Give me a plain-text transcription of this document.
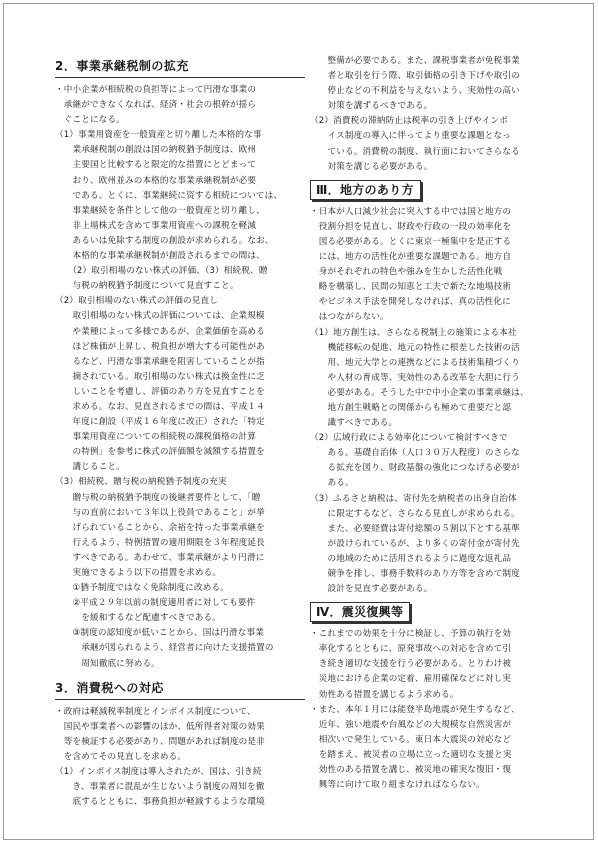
2．事業承継税制の拡充

・中小企業が相続税の負担等によって円滑な事業の

　承継ができなくなれば、経済・社会の根幹が揺ら

　ぐことになる。

（1）事業用資産を一般資産と切り離した本格的な事

　　業承継税制の創設は国の納税猶予制度は、欧州

　　主要国と比較すると限定的な措置にとどまって

　　おり、欧州並みの本格的な事業承継税制が必要

　　である。とくに、事業継続に资する相続については、

　　事業継続を条件として他の一般資産と切り離し、

　　非上場株式を含めて事業用資産への課税を軽減

　　あるいは免除する制度の創設が求められる。なお、

　　本格的な事業承継税制が創設されるまでの間は、

　　（2）取引相場のない株式の評価、（3）相続税、贈

　　与税の納税猶予制度について見直すこと。

（2）取引相場のない株式の評価の見直し

　　取引相場のない株式の評価については、企業規模

　　や業種によって多様であるが、企業価値を高める

　　ほど株価が上昇し、税負担が増大する可能性があ

　　るなど、円滑な事業承継を阻害していることが指

　　摘されている。取引相場のない株式は換金性に乏

　　しいことを考慮し、評価のあり方を見直すことを

　　求める。なお、見直されるまでの間は、平成１４

　　年度に創設（平成１６年度に改正）された「特定

　　事業用資産についての相続税の課税価格の計算

　　の特例」を参考に株式の評価額を減額する措置を

　　講じること。

（3）相続税、贈与税の納税猶予制度の充実

　　贈与税の納税猶予制度の後継者要件として、「贈

　　与の直前において３年以上役員であること」が挙

　　げられていることから、余裕を持った事業承継を

　　行えるよう、特例措置の適用期限を３年程度延長

　　すべきである。あわせて、事業承継がより円滑に

　　実施できるよう以下の措置を求める。

　　①猶予制度ではなく免除制度に改める。

　　②平成２９年以前の制度適用者に対しても要件

　　　を緩和するなど配慮すべきである。

　　③制度の認知度が低いことから、国は円滑な事業

　　　承継が図られるよう、経営者に向けた支援措置の

　　　周知徹底に努める。

3．消費税への対応

・政府は軽減税率制度とインボイス制度について、

　国民や事業者への影響のほか、低所得者対策の効果

　等を検証する必要があり、問題があれば制度の是非

　を含めてその見直しを求める。

（1）インボイス制度は導入されたが、国は、引き続

　　き、事業者に混乱が生じないよう制度の周知を徹

　　底するとともに、事務負担が軽減するような環境

　　整備が必要である。また、課税事業者が免税事業

　　者と取引を行う際、取引価格の引き下げや取引の

　　停止などの不利益を与えないよう、実効性の高い

　　対策を講ずるべきである。

（2）消費税の滞納防止は税率の引き上げやインボ

　　イス制度の導入に伴ってより重要な課題となっ

　　ている。消費税の制度、執行面においてさらなる

　　対策を講じる必要がある。

Ⅲ．地方のあり方

・日本が人口減少社会に突入する中では国と地方の

　役割分担を見直し、財政や行政の一段の効率化を

　図る必要がある。とくに東京一極集中を是正する

　には、地方の活性化が重要な課題である。地方自

　身がそれぞれの特色や強みを生かした活性化戦

　略を構築し、民間の知恵と工夫で新たな地場技術

　やビジネス手法を開発しなければ、真の活性化に

　はつながらない。

（1）地方創生は、さらなる税制上の施策による本社

　　機能移転の促進、地元の特性に根差した技術の活

　　用、地元大学との連携などによる技術集積づくり

　　や人材の育成等、実効性のある改革を大胆に行う

　　必要がある。そうした中で中小企業の事業承継は、

　　地方創生戦略との関係からも極めて重要だと認

　　識すべきである。

（2）広域行政による効率化について検討すべきで

　　ある。基礎自治体（人口３０万人程度）のさらな

　　る拡充を図り、財政基盤の強化につなげる必要が

　　ある。

（3）ふるさと納税は、寄付先を納税者の出身自治体

　　に限定するなど、さらなる見直しが求められる。

　　また、必要経費は寄付総額の５割以下とする基準

　　が設けられているが、より多くの寄付金が寄付先

　　の地域のために活用されるように過度な返礼品

　　競争を排し、事務手数料のあり方等を含めて制度

　　設計を見直す必要がある。

Ⅳ．震災復興等

・これまでの効果を十分に検証し、予算の執行を効

　率化するとともに、原発事故への対応を含めて引

　き続き適切な支援を行う必要がある。とりわけ被

　災地における企業の定着、雇用確保などに対し実

　効性ある措置を講じるよう求める。

・また、本年１月には能登半島地震が発生するなど、

　近年、強い地震や台風などの大規模な自然災害が

　相次いで発生している。東日本大震災の対応など

　を踏まえ、被災者の立場に立った適切な支援と実

　効性のある措置を講じ、被災地の確実な復旧・復

　興等に向けて取り組まなければならない。
